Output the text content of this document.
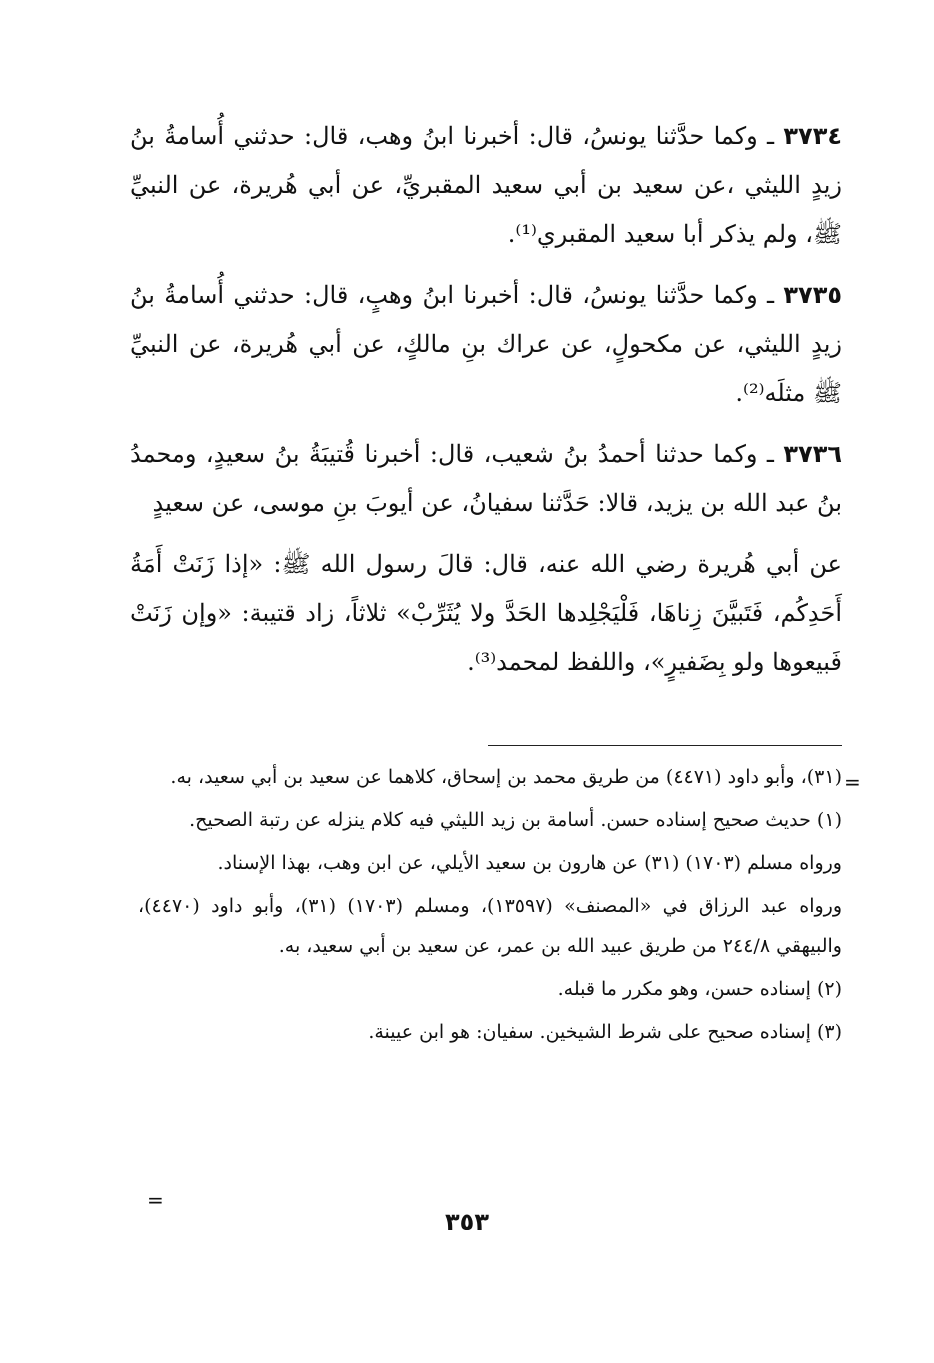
٣٧٣٤ ـ وكما حدَّثنا يونسُ، قال: أخبرنا ابنُ وهب، قال: حدثني أُسامةُ بنُ زيدٍ الليثي ،عن سعيد بن أبي سعيد المقبريِّ، عن أبي هُريرة، عن النبيِّ ﷺ، ولم يذكر أبا سعيد المقبري⁽¹⁾.

٣٧٣٥ ـ وكما حدَّثنا يونسُ، قال: أخبرنا ابنُ وهبٍ، قال: حدثني أُسامةُ بنُ زيدٍ الليثي، عن مكحولٍ، عن عراك بنِ مالكٍ، عن أبي هُريرة، عن النبيِّ ﷺ مثلَه⁽²⁾.

٣٧٣٦ ـ وكما حدثنا أحمدُ بنُ شعيب، قال: أخبرنا قُتيبَةُ بنُ سعيدٍ، ومحمدُ بنُ عبد الله بن يزيد، قالا: حَدَّثنا سفيانُ، عن أيوبَ بنِ موسى، عن سعيدٍ

عن أبي هُريرة رضي الله عنه، قال: قالَ رسول الله ﷺ: «إذا زَنَتْ أَمَةُ أَحَدِكُم، فَتَبيَّنَ زِناهَا، فَلْيَجْلِدها الحَدَّ ولا يُثَرِّبْ» ثلاثاً، زاد قتيبة: «وإن زَنَتْ فَبيعوها ولو بِضَفيرٍ»، واللفظ لمحمد⁽³⁾.

=

(٣١)، وأبو داود (٤٤٧١) من طريق محمد بن إسحاق، كلاهما عن سعيد بن أبي سعيد، به.

(١) حديث صحيح إسناده حسن. أسامة بن زيد الليثي فيه كلام ينزله عن رتبة الصحيح.

ورواه مسلم (١٧٠٣) (٣١) عن هارون بن سعيد الأيلي، عن ابن وهب، بهذا الإسناد.

ورواه عبد الرزاق في «المصنف» (١٣٥٩٧)، ومسلم (١٧٠٣) (٣١)، وأبو داود (٤٤٧٠)، والبيهقي ٢٤٤/٨ من طريق عبيد الله بن عمر، عن سعيد بن أبي سعيد، به.

(٢) إسناده حسن، وهو مكرر ما قبله.

(٣) إسناده صحيح على شرط الشيخين. سفيان: هو ابن عيينة.

=
٣٥٣
